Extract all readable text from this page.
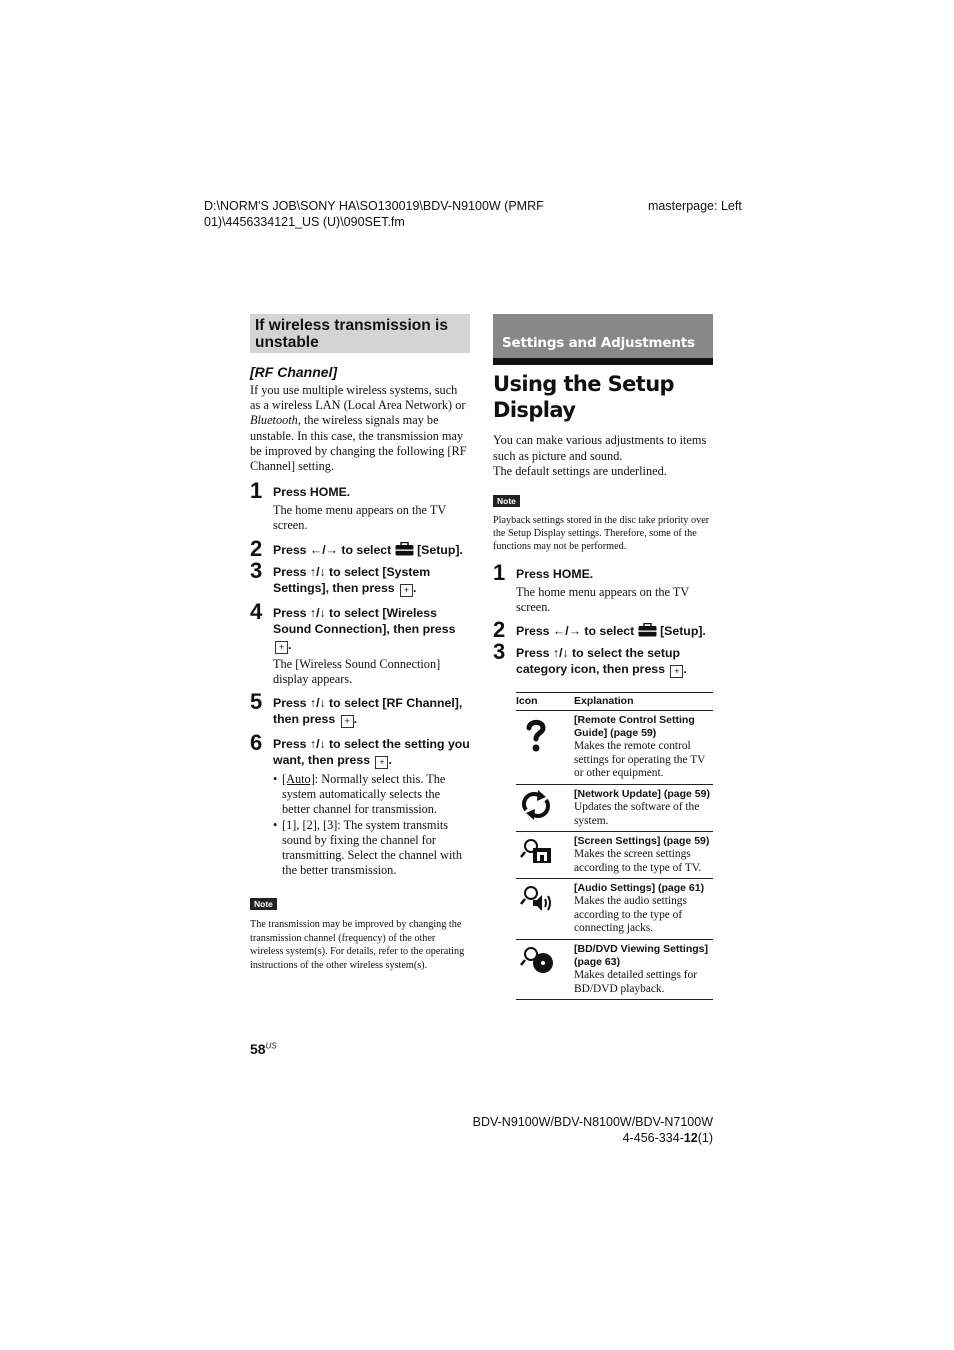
D:\NORM'S JOB\SONY HA\SO130019\BDV-N9100W (PMRF 01)\4456334121_US (U)\090SET.fm
masterpage: Left
If wireless transmission is unstable
[RF Channel]
If you use multiple wireless systems, such as a wireless LAN (Local Area Network) or Bluetooth, the wireless signals may be unstable. In this case, the transmission may be improved by changing the following [RF Channel] setting.
1 Press HOME.
The home menu appears on the TV screen.
2 Press ←/→ to select  [Setup].
3 Press ↑/↓ to select [System Settings], then press + .
4 Press ↑/↓ to select [Wireless Sound Connection], then press + .
The [Wireless Sound Connection] display appears.
5 Press ↑/↓ to select [RF Channel], then press + .
6 Press ↑/↓ to select the setting you want, then press + .
• [Auto]: Normally select this. The system automatically selects the better channel for transmission.
• [1], [2], [3]: The system transmits sound by fixing the channel for transmitting. Select the channel with the better transmission.
Note
The transmission may be improved by changing the transmission channel (frequency) of the other wireless system(s). For details, refer to the operating instructions of the other wireless system(s).
Settings and Adjustments
Using the Setup Display
You can make various adjustments to items such as picture and sound.
The default settings are underlined.
Note
Playback settings stored in the disc take priority over the Setup Display settings. Therefore, some of the functions may not be performed.
1 Press HOME.
The home menu appears on the TV screen.
2 Press ←/→ to select  [Setup].
3 Press ↑/↓ to select the setup category icon, then press + .
Icon	Explanation

[Remote Control Setting Guide] (page 59)
Makes the remote control settings for operating the TV or other equipment.

[Network Update] (page 59)
Updates the software of the system.

[Screen Settings] (page 59)
Makes the screen settings according to the type of TV.

[Audio Settings] (page 61)
Makes the audio settings according to the type of connecting jacks.

[BD/DVD Viewing Settings] (page 63)
Makes detailed settings for BD/DVD playback.
$58^{US}$
BDV-N9100W/BDV-N8100W/BDV-N7100W
4-456-334-12(1)
